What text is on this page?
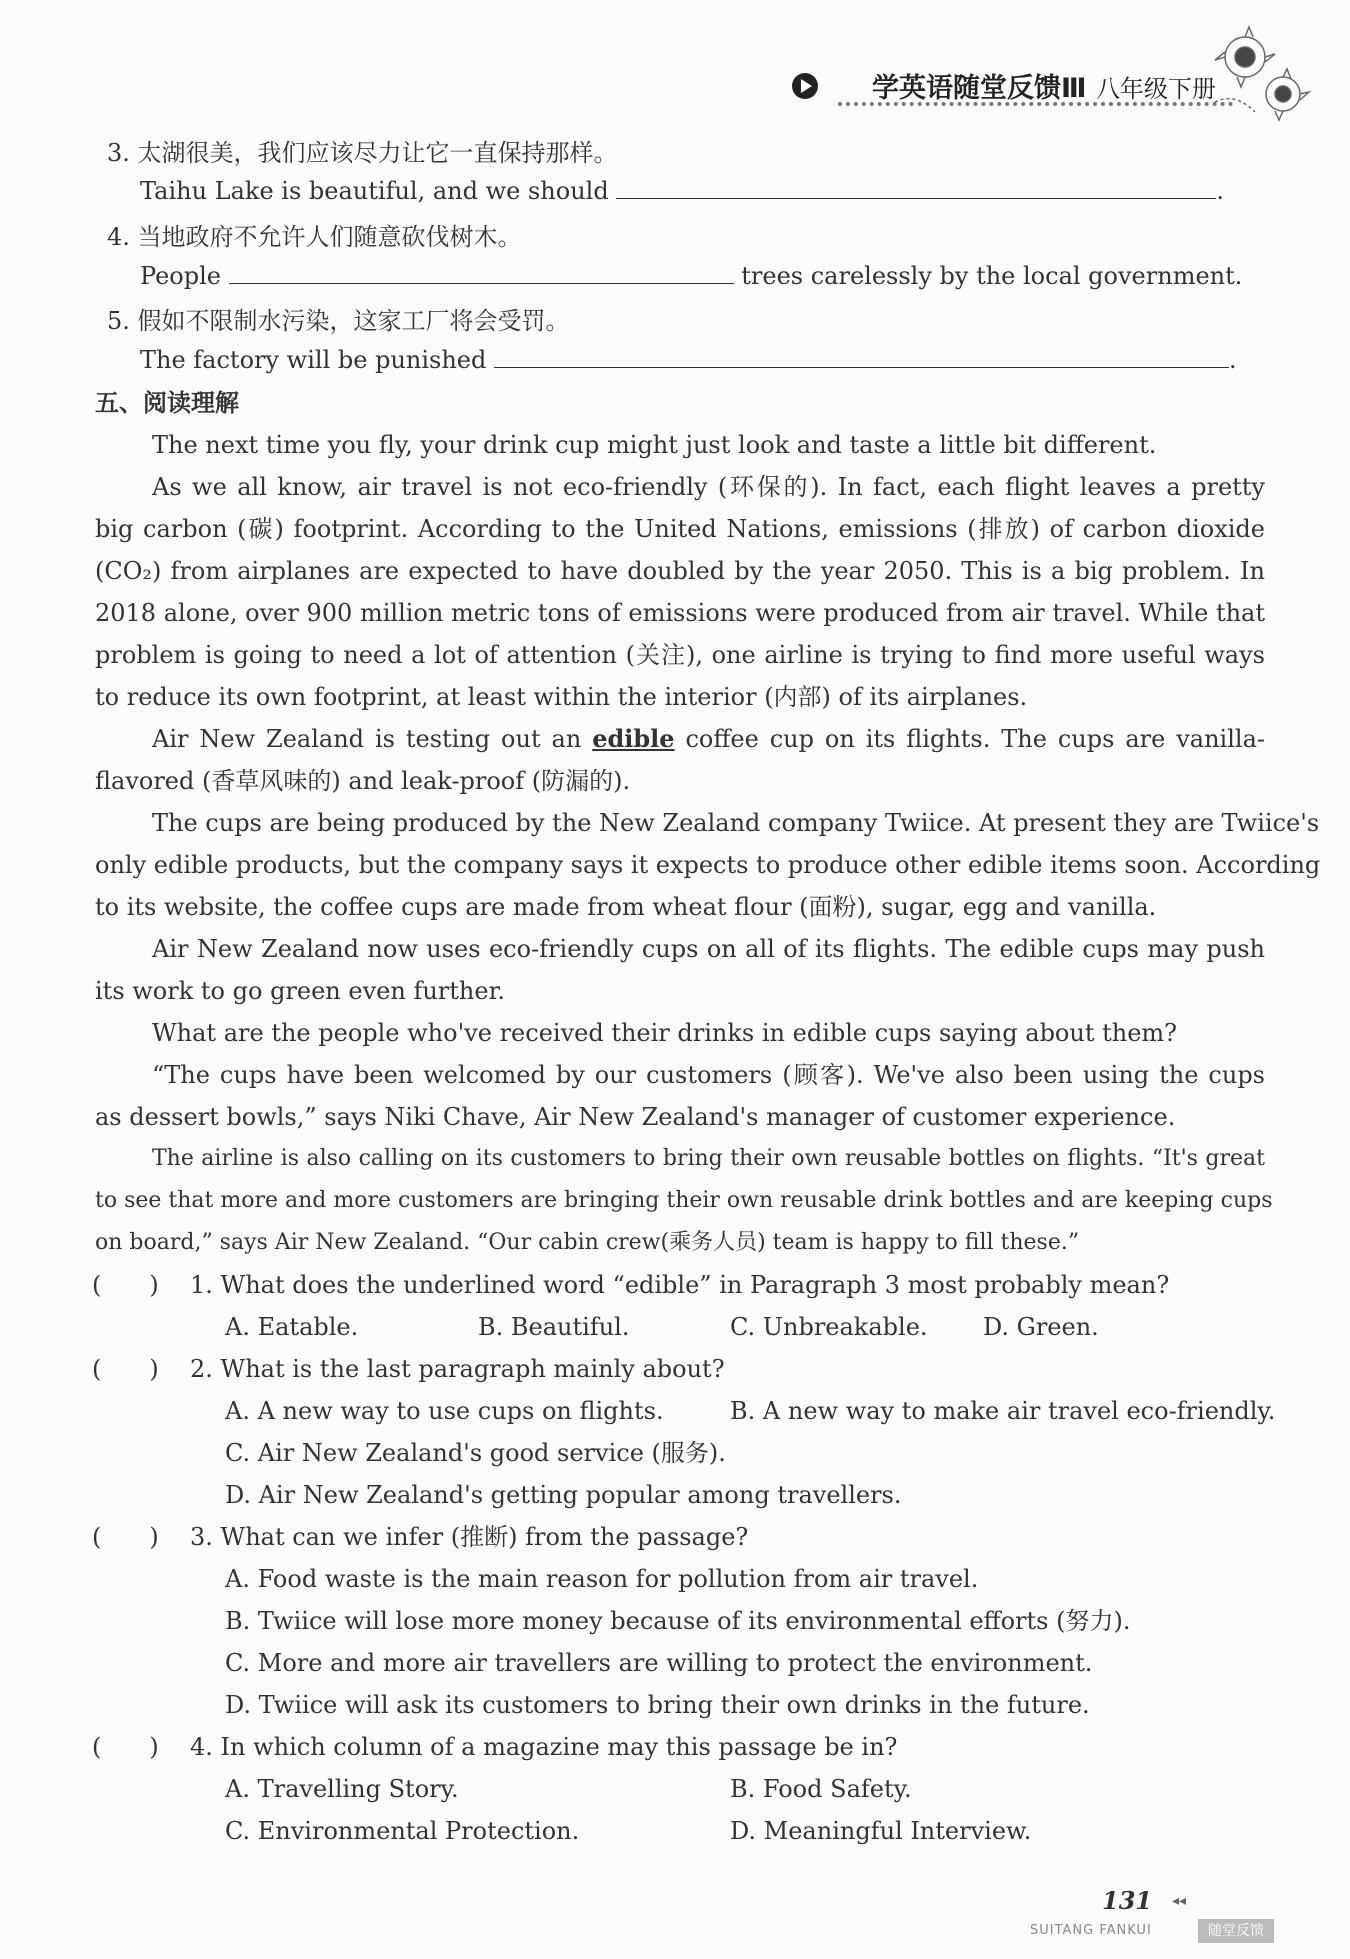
学英语随堂反馈Ⅲ 八年级下册
3. 太湖很美，我们应该尽力让它一直保持那样。
Taihu Lake is beautiful, and we should	.
4. 当地政府不允许人们随意砍伐树木。
People	trees carelessly by the local government.
5. 假如不限制水污染，这家工厂将会受罚。
The factory will be punished	.
五、阅读理解
The next time you fly, your drink cup might just look and taste a little bit different.
As we all know, air travel is not eco-friendly (环保的). In fact, each flight leaves a pretty
big carbon (碳) footprint. According to the United Nations, emissions (排放) of carbon dioxide
(CO₂) from airplanes are expected to have doubled by the year 2050. This is a big problem. In
2018 alone, over 900 million metric tons of emissions were produced from air travel. While that
problem is going to need a lot of attention (关注), one airline is trying to find more useful ways
to reduce its own footprint, at least within the interior (内部) of its airplanes.
Air New Zealand is testing out an edible coffee cup on its flights. The cups are vanilla-
flavored (香草风味的) and leak-proof (防漏的).
The cups are being produced by the New Zealand company Twiice. At present they are Twiice's
only edible products, but the company says it expects to produce other edible items soon. According
to its website, the coffee cups are made from wheat flour (面粉), sugar, egg and vanilla.
Air New Zealand now uses eco-friendly cups on all of its flights. The edible cups may push
its work to go green even further.
What are the people who've received their drinks in edible cups saying about them?
“The cups have been welcomed by our customers (顾客). We've also been using the cups
as dessert bowls,” says Niki Chave, Air New Zealand's manager of customer experience.
The airline is also calling on its customers to bring their own reusable bottles on flights. “It's great
to see that more and more customers are bringing their own reusable drink bottles and are keeping cups
on board,” says Air New Zealand. “Our cabin crew(乘务人员) team is happy to fill these.”
(　　) 1. What does the underlined word “edible” in Paragraph 3 most probably mean?
A. Eatable.	B. Beautiful.	C. Unbreakable. D. Green.
(　　) 2. What is the last paragraph mainly about?
A. A new way to use cups on flights.	B. A new way to make air travel eco-friendly.
C. Air New Zealand's good service (服务).
D. Air New Zealand's getting popular among travellers.
(　　) 3. What can we infer (推断) from the passage?
A. Food waste is the main reason for pollution from air travel.
B. Twiice will lose more money because of its environmental efforts (努力).
C. More and more air travellers are willing to protect the environment.
D. Twiice will ask its customers to bring their own drinks in the future.
(　　) 4. In which column of a magazine may this passage be in?
A. Travelling Story.	B. Food Safety.
C. Environmental Protection.	D. Meaningful Interview.
131 ◂◂
SUITANG FANKUI	随堂反馈
